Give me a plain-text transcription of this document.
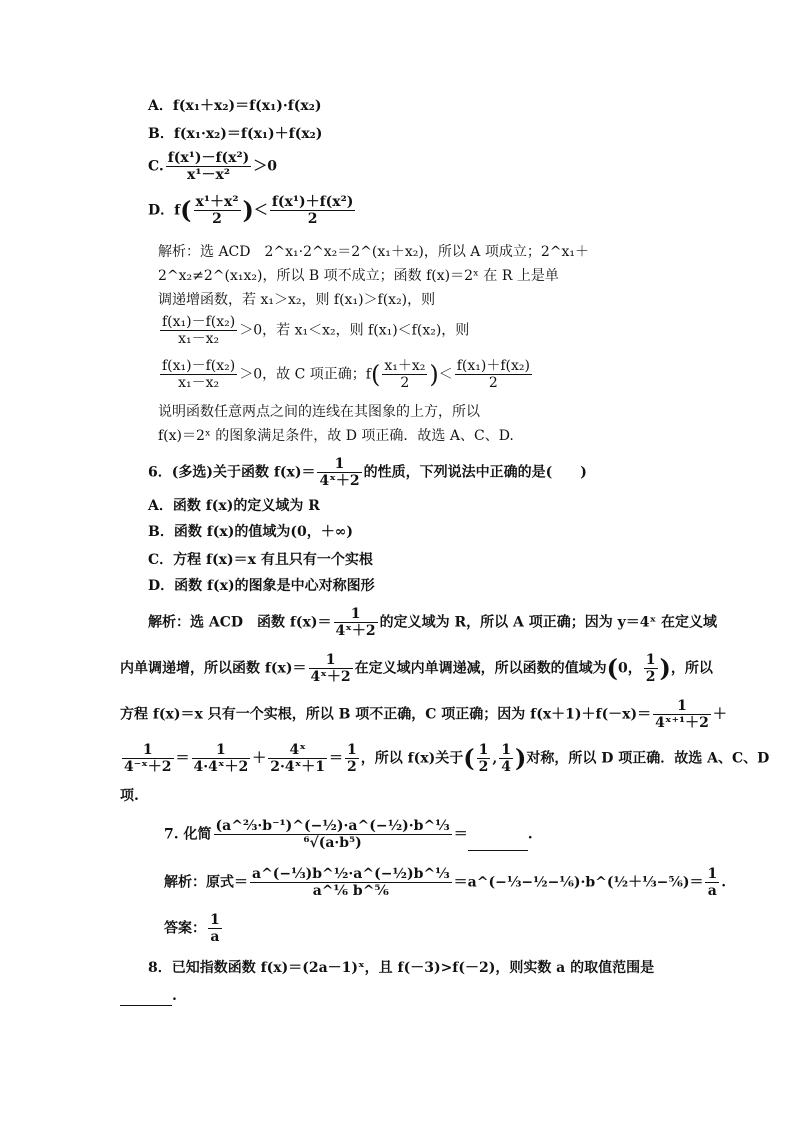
A．f(x₁＋x₂)＝f(x₁)·f(x₂)
B．f(x₁·x₂)＝f(x₁)＋f(x₂)
C. $\frac{\text{f(x¹)－f(x²)}}{\text{x¹－x²}} >0$
D．$f( \frac{\text{x¹＋x²}}{2}$ )＜ $\frac{\text{f(x¹)＋f(x²)}}{2}$
解析：选 ACD　2^x₁·2^x₂＝2^(x₁＋x₂)，所以 A 项成立；2^x₁＋
2^x₂≠2^(x₁x₂)，所以 B 项不成立；函数 f(x)＝2ˣ 在 R 上是单
调递增函数，若 x₁＞x₂，则 f(x₁)＞f(x₂)，则
$\frac{\text{f(x₁)－f(x₂)}}{\text{x₁－x₂}} >0$，若 x₁＜x₂，则 f(x₁)＜f(x₂)，则
$\frac{\text{f(x₁)－f(x₂)}}{\text{x₁－x₂}} >0$，故 C 项正确；$f( \frac{\text{x₁＋x₂}}{2}$ )＜ $\frac{\text{f(x₁)＋f(x₂)}}{2}$
说明函数任意两点之间的连线在其图象的上方，所以
f(x)＝2ˣ 的图象满足条件，故 D 项正确．故选 A、C、D.
6．(多选)关于函数 $f(x)= \frac{1}{\text{4ˣ＋2}}$ 的性质，下列说法中正确的是(　　)
A．函数 f(x)的定义域为 R
B．函数 f(x)的值域为(0，＋∞)
C．方程 f(x)＝x 有且只有一个实根
D．函数 f(x)的图象是中心对称图形
解析：选 ACD　函数 $f(x)= \frac{1}{\text{4ˣ＋2}}$ 的定义域为 R，所以 A 项正确；因为 y＝4ˣ 在定义域
内单调递增，所以函数 $f(x)= \frac{1}{\text{4ˣ＋2}}$ 在定义域内单调递减，所以函数的值域为(0， $\frac{1}{2}$ )，所以
方程 f(x)＝x 只有一个实根，所以 B 项不正确，C 项正确；因为 $f(x+1)+f(-x)= \frac{1}{\text{4ˣ⁺¹＋2}}$ ＋
$\frac{1}{\text{4⁻ˣ＋2}} = \frac{1}{\text{4·4ˣ＋2}} + \frac{\text{4ˣ}}{\text{2·4ˣ＋1}} = \frac{1}{2}$ ，所以 f(x)关于( $\frac{1}{2}$ , $\frac{1}{4}$ )对称，所以 D 项正确．故选 A、C、D
项.
7. 化简 $\frac{\text{(a\textasciicircum{}⅔·b⁻¹)\textasciicircum{}(−½)·a\textasciicircum{}(−½)·b\textasciicircum{}⅓}}{\text{⁶√(a·b⁵)}}$ ＝	.
解析：原式＝ $\frac{\text{a\textasciicircum{}(−⅓)b\textasciicircum{}½·a\textasciicircum{}(−½)b\textasciicircum{}⅓}}{\text{a\textasciicircum{}⅙ b\textasciicircum{}⅚}}$ ＝a^(−⅓−½−⅙)·b^(½＋⅓−⅚)＝ $\frac{1}{a}$ .
答案： $\frac{1}{a}$
8．已知指数函数 f(x)＝(2a－1)ˣ，且 f(－3)>f(－2)，则实数 a 的取值范围是
.
